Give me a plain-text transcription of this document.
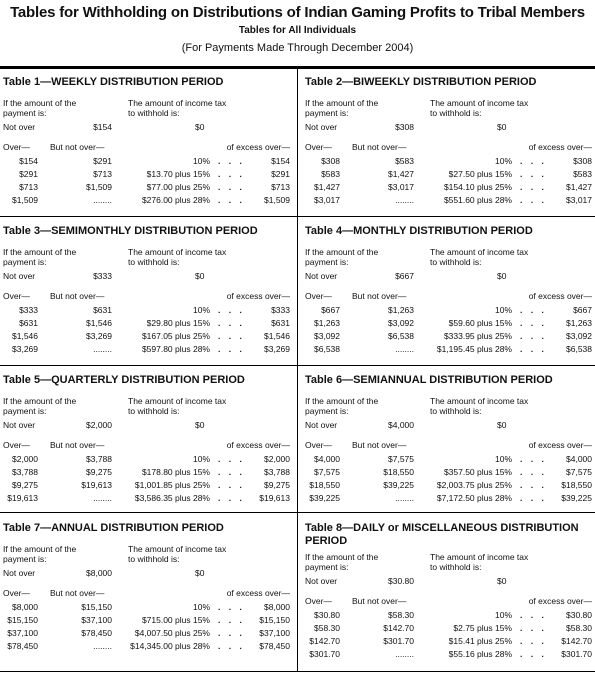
Tables for Withholding on Distributions of Indian Gaming Profits to Tribal Members
Tables for All Individuals
(For Payments Made Through December 2004)
Table 1—WEEKLY DISTRIBUTION PERIOD
If the amount of the
payment is:
The amount of income tax
to withhold is:
Not over	$154	$0
Over— But not over—	of excess over—
$154	$291	10% . . .	$154
$291	$713	$13.70 plus 15% . . .	$291
$713	$1,509	$77.00 plus 25% . . .	$713
$1,509	........	$276.00 plus 28% . . .	$1,509
Table 2—BIWEEKLY DISTRIBUTION PERIOD
If the amount of the
payment is:
The amount of income tax
to withhold is:
Not over	$308	$0
Over— But not over—	of excess over—
$308	$583	10% . . .	$308
$583	$1,427	$27.50 plus 15% . . .	$583
$1,427	$3,017	$154.10 plus 25% . . .	$1,427
$3,017	........	$551.60 plus 28% . . .	$3,017
Table 3—SEMIMONTHLY DISTRIBUTION PERIOD
If the amount of the
payment is:
The amount of income tax
to withhold is:
Not over	$333	$0
Over— But not over—	of excess over—
$333	$631	10% . . .	$333
$631	$1,546	$29.80 plus 15% . . .	$631
$1,546	$3,269	$167.05 plus 25% . . .	$1,546
$3,269	........	$597.80 plus 28% . . .	$3,269
Table 4—MONTHLY DISTRIBUTION PERIOD
If the amount of the
payment is:
The amount of income tax
to withhold is:
Not over	$667	$0
Over— But not over—	of excess over—
$667	$1,263	10% . . .	$667
$1,263	$3,092	$59.60 plus 15% . . .	$1,263
$3,092	$6,538	$333.95 plus 25% . . .	$3,092
$6,538	........	$1,195.45 plus 28% . . .	$6,538
Table 5—QUARTERLY DISTRIBUTION PERIOD
If the amount of the
payment is:
The amount of income tax
to withhold is:
Not over	$2,000	$0
Over— But not over—	of excess over—
$2,000	$3,788	10% . . .	$2,000
$3,788	$9,275	$178.80 plus 15% . . .	$3,788
$9,275	$19,613	$1,001.85 plus 25% . . .	$9,275
$19,613	........	$3,586.35 plus 28% . . .	$19,613
Table 6—SEMIANNUAL DISTRIBUTION PERIOD
If the amount of the
payment is:
The amount of income tax
to withhold is:
Not over	$4,000	$0
Over— But not over—	of excess over—
$4,000	$7,575	10% . . .	$4,000
$7,575	$18,550	$357.50 plus 15% . . .	$7,575
$18,550	$39,225	$2,003.75 plus 25% . . .	$18,550
$39,225	........	$7,172.50 plus 28% . . .	$39,225
Table 7—ANNUAL DISTRIBUTION PERIOD
If the amount of the
payment is:
The amount of income tax
to withhold is:
Not over	$8,000	$0
Over— But not over—	of excess over—
$8,000	$15,150	10% . . .	$8,000
$15,150	$37,100	$715.00 plus 15% . . .	$15,150
$37,100	$78,450	$4,007.50 plus 25% . . .	$37,100
$78,450	........	$14,345.00 plus 28% . . .	$78,450
Table 8—DAILY or MISCELLANEOUS DISTRIBUTION PERIOD
If the amount of the
payment is:
The amount of income tax
to withhold is:
Not over	$30.80	$0
Over— But not over—	of excess over—
$30.80	$58.30	10% . . .	$30.80
$58.30	$142.70	$2.75 plus 15% . . .	$58.30
$142.70	$301.70	$15.41 plus 25% . . .	$142.70
$301.70	........	$55.16 plus 28% . . .	$301.70
